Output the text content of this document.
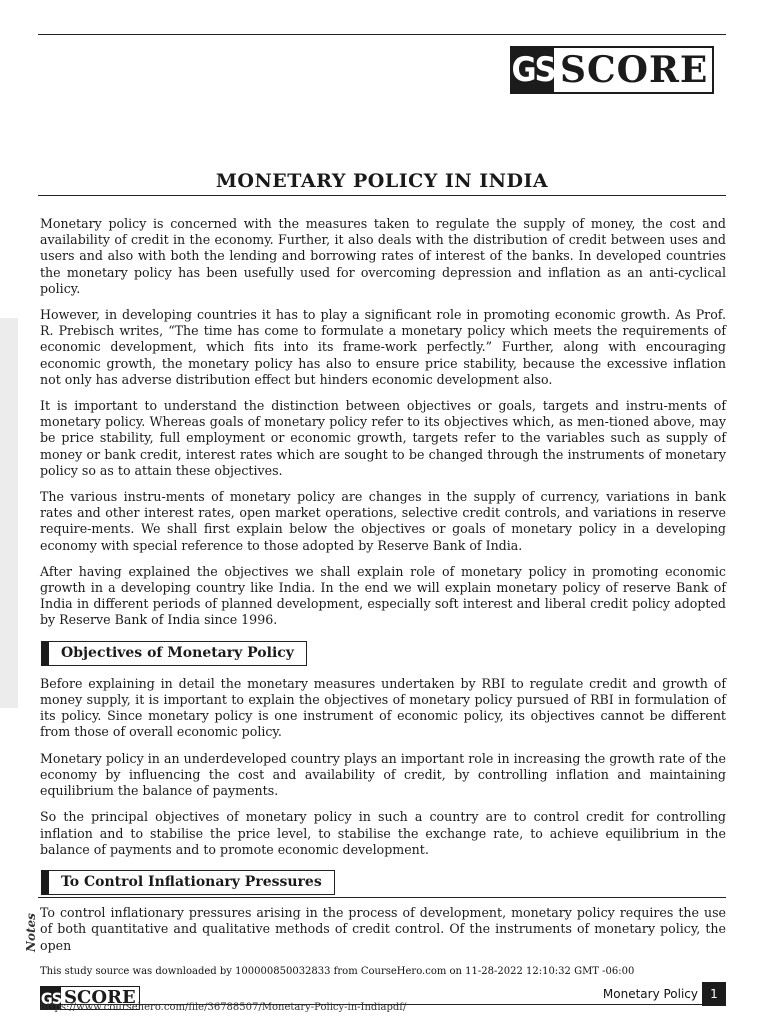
GS SCORE
MONETARY POLICY IN INDIA

Monetary policy is concerned with the measures taken to regulate the supply of money, the cost and availability of credit in the economy. Further, it also deals with the distribution of credit between uses and users and also with both the lending and borrowing rates of interest of the banks. In developed countries the monetary policy has been usefully used for overcoming depression and inflation as an anti-cyclical policy.

However, in developing countries it has to play a significant role in promoting economic growth. As Prof. R. Prebisch writes, “The time has come to formulate a monetary policy which meets the requirements of economic development, which fits into its frame-work perfectly.” Further, along with encouraging economic growth, the monetary policy has also to ensure price stability, because the excessive inflation not only has adverse distribution effect but hinders economic development also.

It is important to understand the distinction between objectives or goals, targets and instru-ments of monetary policy. Whereas goals of monetary policy refer to its objectives which, as men-tioned above, may be price stability, full employment or economic growth, targets refer to the variables such as supply of money or bank credit, interest rates which are sought to be changed through the instruments of monetary policy so as to attain these objectives.

The various instru-ments of monetary policy are changes in the supply of currency, variations in bank rates and other interest rates, open market operations, selective credit controls, and variations in reserve require-ments. We shall first explain below the objectives or goals of monetary policy in a developing economy with special reference to those adopted by Reserve Bank of India.

After having explained the objectives we shall explain role of monetary policy in promoting economic growth in a developing country like India. In the end we will explain monetary policy of reserve Bank of India in different periods of planned development, especially soft interest and liberal credit policy adopted by Reserve Bank of India since 1996.

Objectives of Monetary Policy

Before explaining in detail the monetary measures undertaken by RBI to regulate credit and growth of money supply, it is important to explain the objectives of monetary policy pursued of RBI in formulation of its policy. Since monetary policy is one instrument of economic policy, its objectives cannot be different from those of overall economic policy.

Monetary policy in an underdeveloped country plays an important role in increasing the growth rate of the economy by influencing the cost and availability of credit, by controlling inflation and maintaining equilibrium the balance of payments.

So the principal objectives of monetary policy in such a country are to control credit for controlling inflation and to stabilise the price level, to stabilise the exchange rate, to achieve equilibrium in the balance of payments and to promote economic development.

To Control Inflationary Pressures

To control inflationary pressures arising in the process of development, monetary policy requires the use of both quantitative and qualitative methods of credit control. Of the instruments of monetary policy, the open

Notes
This study source was downloaded by 100000850032833 from CourseHero.com on 11-28-2022 12:10:32 GMT -06:00
GS SCORE
https://www.coursehero.com/file/36788507/Monetary-Policy-in-Indiapdf/
Monetary Policy	1
